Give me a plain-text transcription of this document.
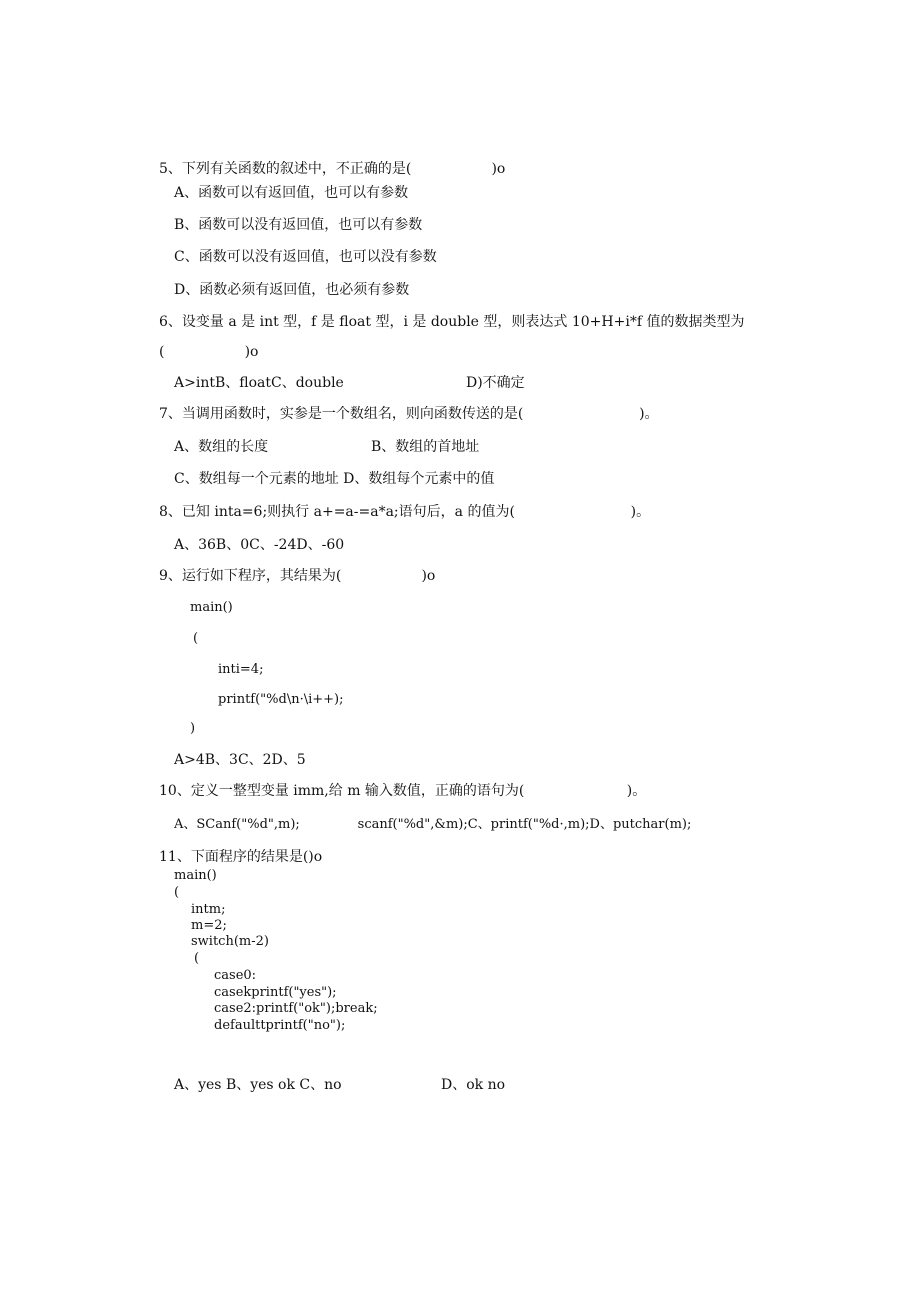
5、下列有关函数的叙述中，不正确的是(                  )o
A、函数可以有返回值，也可以有参数
B、函数可以没有返回值，也可以有参数
C、函数可以没有返回值，也可以没有参数
D、函数必须有返回值，也必须有参数
6、设变量 a 是 int 型，f 是 float 型，i 是 double 型，则表达式 10+H+i*f 值的数据类型为
(                  )o
A>intB、floatC、double	D)不确定
7、当调用函数时，实参是一个数组名，则向函数传送的是(                          )。
A、数组的长度	B、数组的首地址
C、数组每一个元素的地址 D、数组每个元素中的值
8、已知 inta=6;则执行 a+=a-=a*a;语句后，a 的值为(                          )。
A、36B、0C、-24D、-60
9、运行如下程序，其结果为(                  )o
main()
(
inti=4;
printf("%d\n·\i++);
)
A>4B、3C、2D、5
10、定义一整型变量 imm,给 m 输入数值，正确的语句为(                       )。
A、SCanf("%d",m);              scanf("%d",&m);C、printf("%d·,m);D、putchar(m);
11、下面程序的结果是()o
main()
(
intm;
m=2;
switch(m-2)
(
case0:
casekprintf("yes");
case2:printf("ok");break;
defaulttprintf("no");
A、yes B、yes ok C、no	D、ok no
